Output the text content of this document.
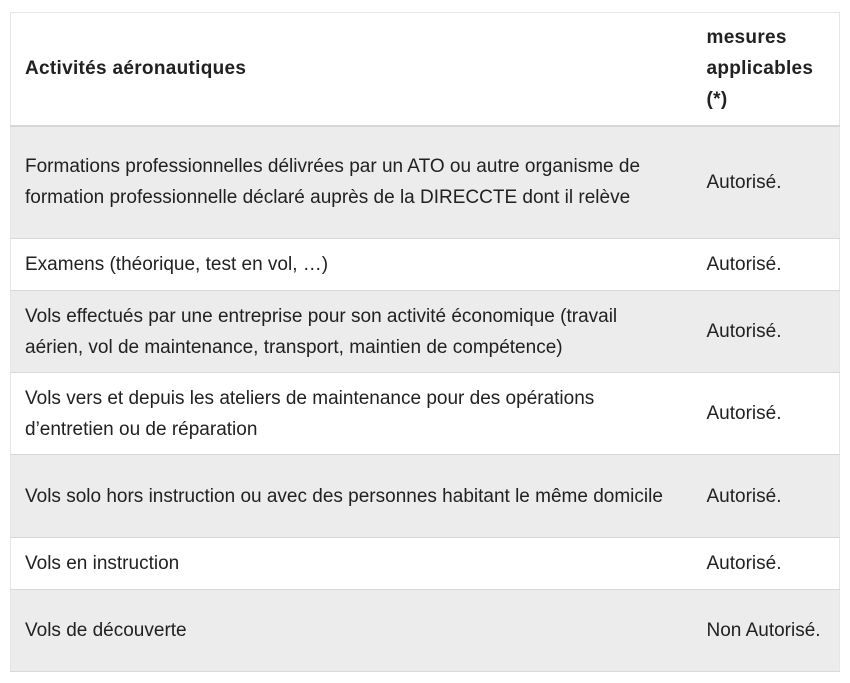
Activités aéronautiques	mesures applicables (*)
Formations professionnelles délivrées par un ATO ou autre organisme de formation professionnelle déclaré auprès de la DIRECCTE dont il relève	Autorisé.
Examens (théorique, test en vol, …)	Autorisé.
Vols effectués par une entreprise pour son activité économique (travail aérien, vol de maintenance, transport, maintien de compétence)	Autorisé.
Vols vers et depuis les ateliers de maintenance pour des opérations d’entretien ou de réparation	Autorisé.
Vols solo hors instruction ou avec des personnes habitant le même domicile	Autorisé.
Vols en instruction	Autorisé.
Vols de découverte	Non Autorisé.
